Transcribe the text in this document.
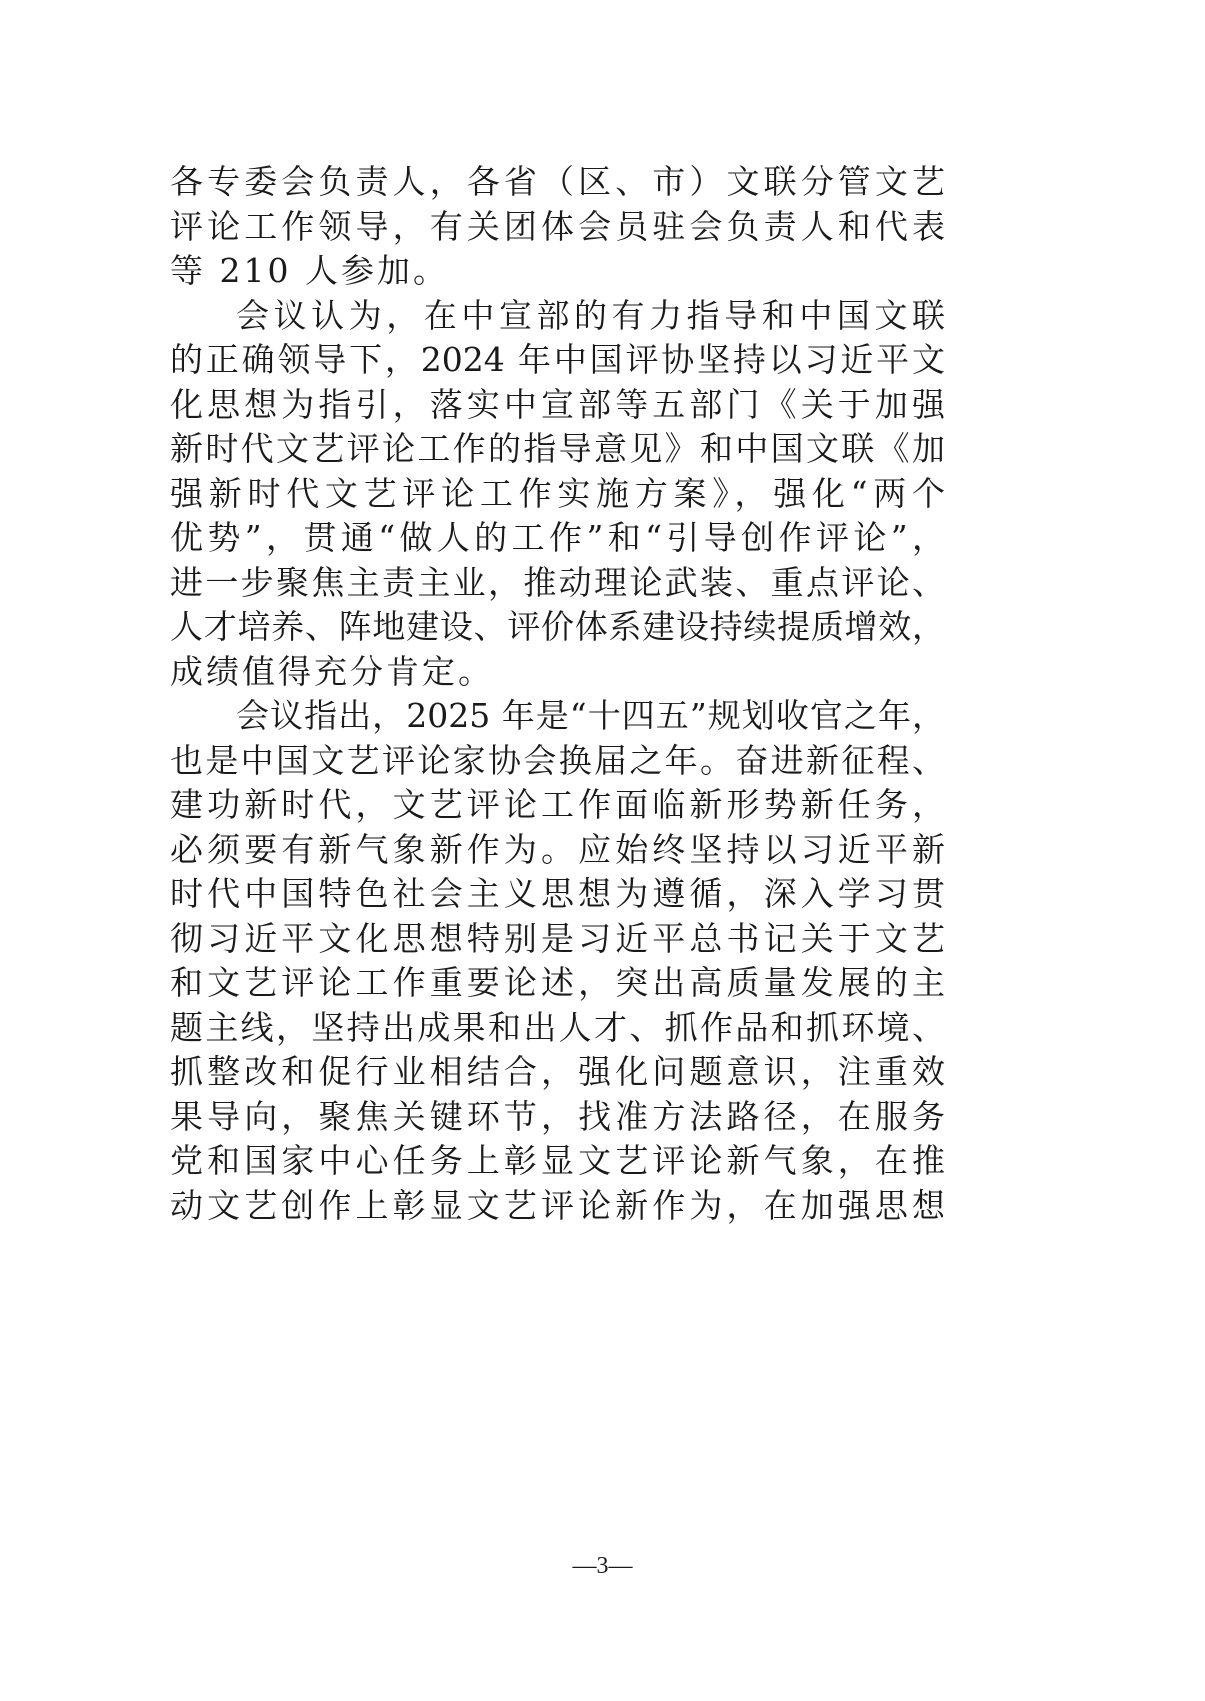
各专委会负责人，各省（区、市）文联分管文艺
评论工作领导，有关团体会员驻会负责人和代表
等 210 人参加。
会议认为，在中宣部的有力指导和中国文联
的正确领导下，2024 年中国评协坚持以习近平文
化思想为指引，落实中宣部等五部门《关于加强
新时代文艺评论工作的指导意见》和中国文联《加
强新时代文艺评论工作实施方案》，强化“两个
优势”，贯通“做人的工作”和“引导创作评论”，
进一步聚焦主责主业，推动理论武装、重点评论、
人才培养、阵地建设、评价体系建设持续提质增效，
成绩值得充分肯定。
会议指出，2025 年是“十四五”规划收官之年，
也是中国文艺评论家协会换届之年。奋进新征程、
建功新时代，文艺评论工作面临新形势新任务，
必须要有新气象新作为。应始终坚持以习近平新
时代中国特色社会主义思想为遵循，深入学习贯
彻习近平文化思想特别是习近平总书记关于文艺
和文艺评论工作重要论述，突出高质量发展的主
题主线，坚持出成果和出人才、抓作品和抓环境、
抓整改和促行业相结合，强化问题意识，注重效
果导向，聚焦关键环节，找准方法路径，在服务
党和国家中心任务上彰显文艺评论新气象，在推
动文艺创作上彰显文艺评论新作为，在加强思想
—3—
